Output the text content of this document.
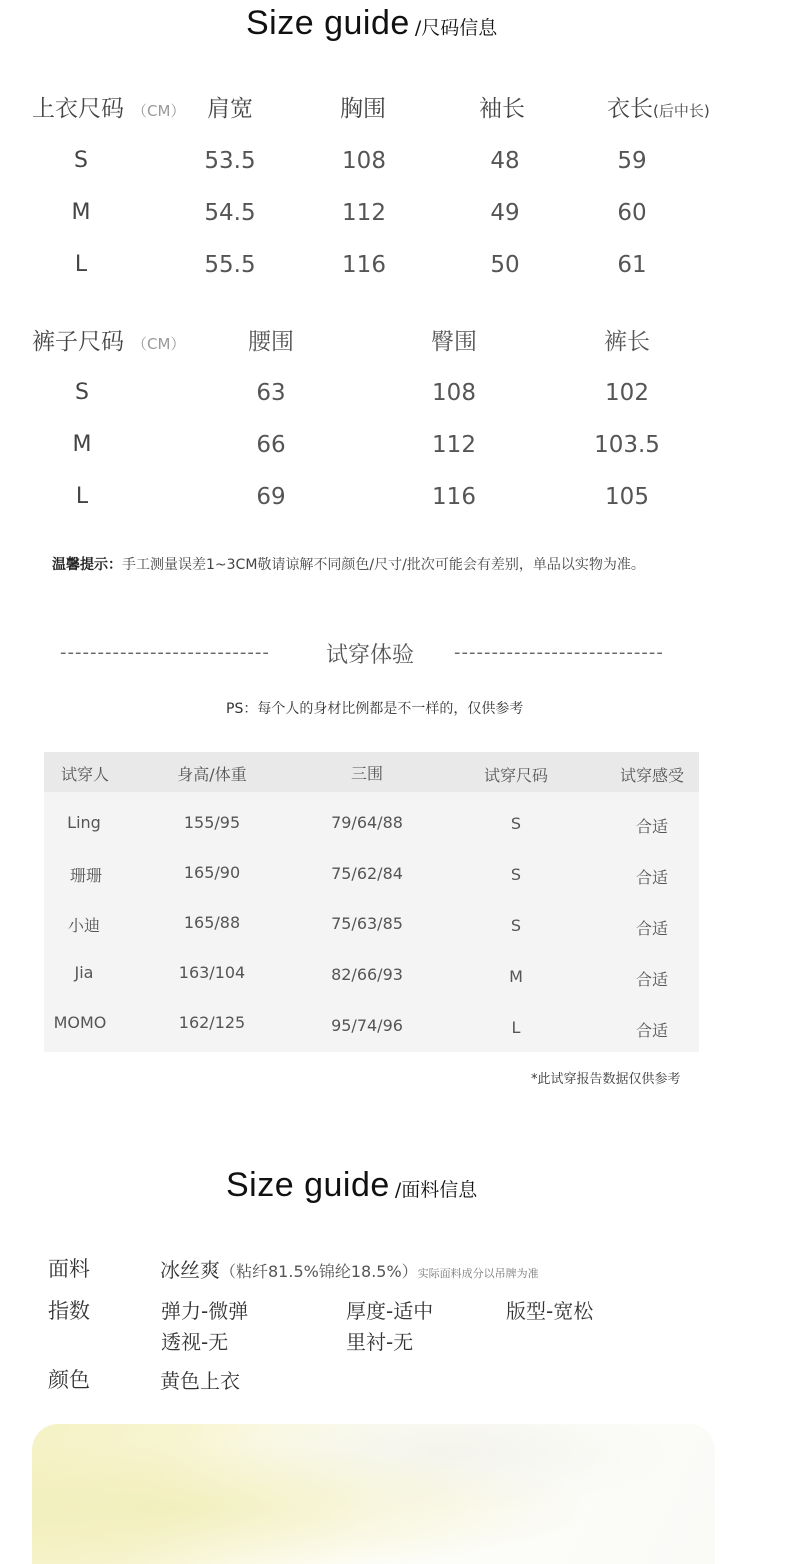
Size guide /尺码信息
上衣尺码 （CM） 肩宽	胸围	袖长	衣长(后中长)
S	53.5	108	48	59
M	54.5	112	49	60
L	55.5	116	50	61
裤子尺码 （CM）	腰围	臀围	裤长
S	63	108	102
M	66	112	103.5
L	69	116	105
温馨提示：手工测量误差1~3CM敬请谅解不同颜色/尺寸/批次可能会有差别，单品以实物为准。
----------------------------	试穿体验 ----------------------------
PS：每个人的身材比例都是不一样的，仅供参考
试穿人	身高/体重	三围	试穿尺码	试穿感受
Ling	155/95	79/64/88	S	合适
珊珊	165/90	75/62/84	S	合适
小迪	165/88	75/63/85	S	合适
Jia	163/104	82/66/93	M	合适
MOMO	162/125	95/74/96	L	合适
*此试穿报告数据仅供参考
Size guide /面料信息
面料	冰丝爽（粘纤81.5%锦纶18.5%）实际面料成分以吊牌为准
指数	弹力-微弹	厚度-适中	版型-宽松
透视-无	里衬-无
颜色	黄色上衣
